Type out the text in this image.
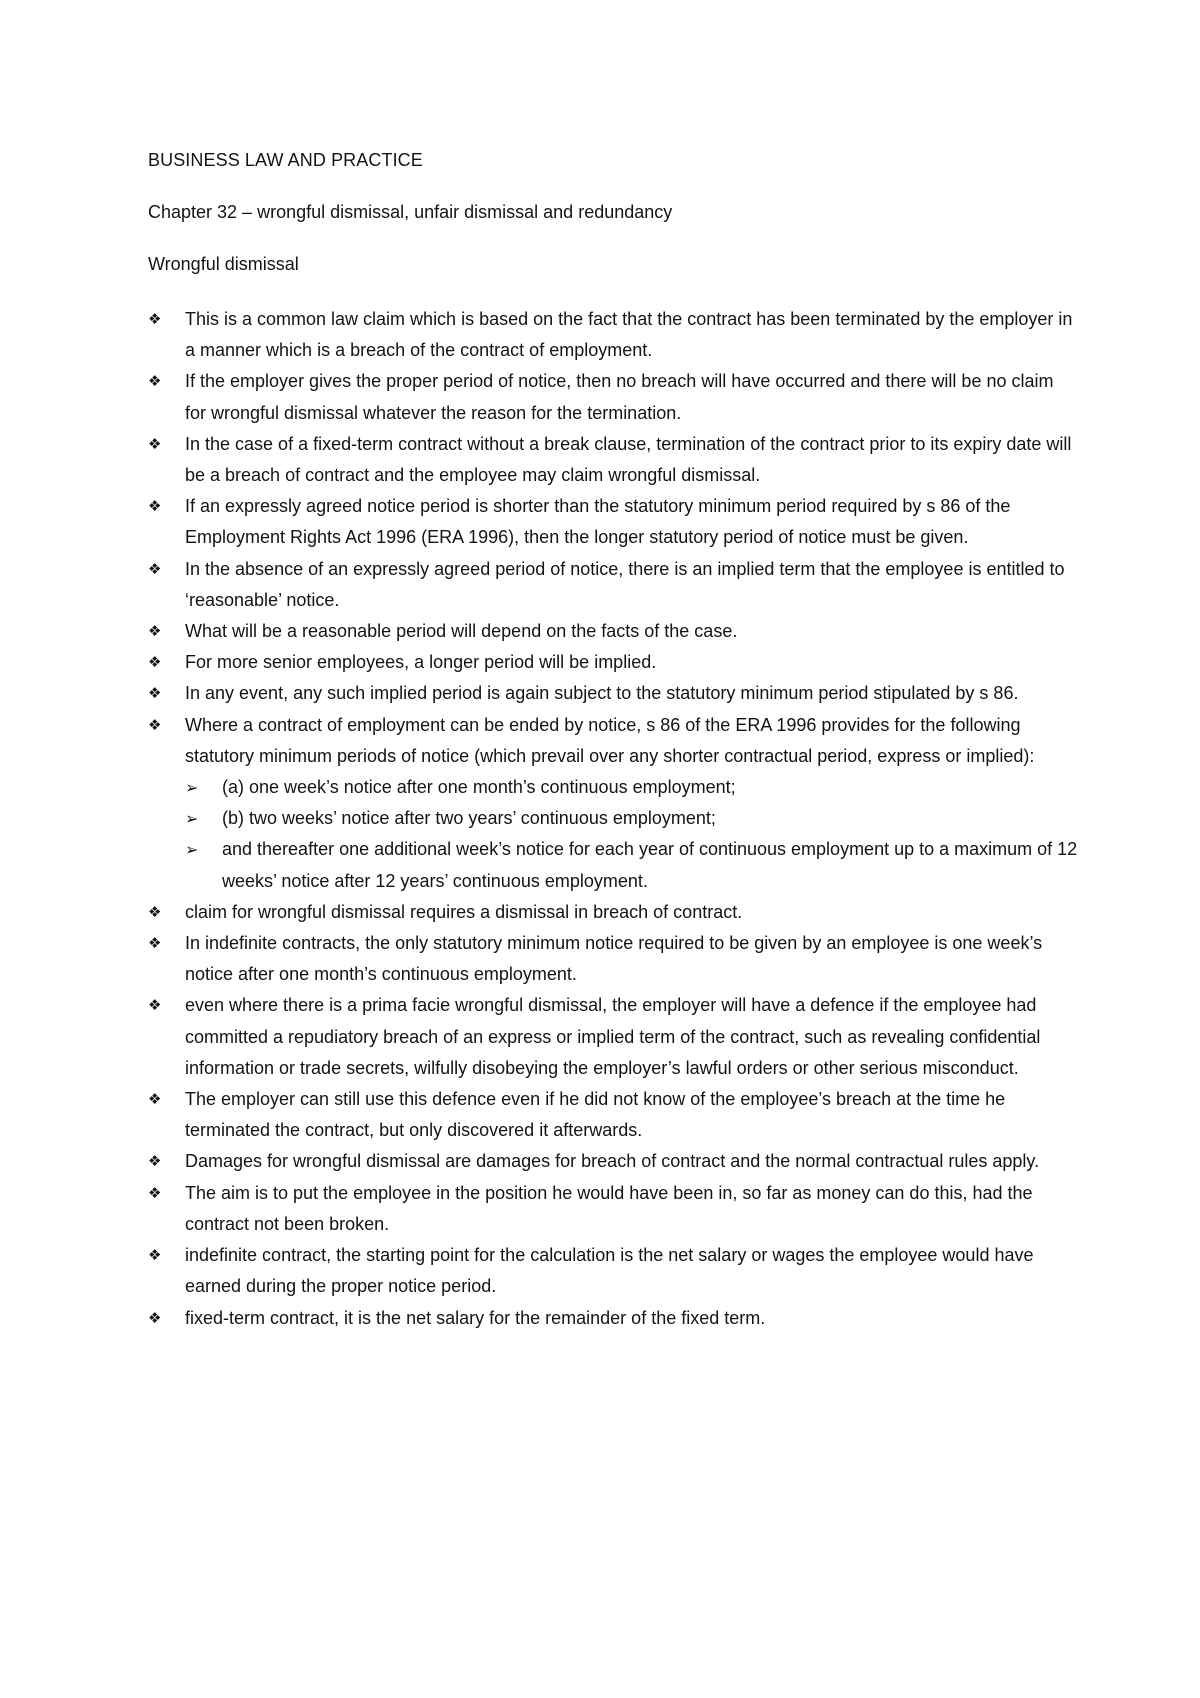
BUSINESS LAW AND PRACTICE
Chapter 32 – wrongful dismissal, unfair dismissal and redundancy
Wrongful dismissal
❖ This is a common law claim which is based on the fact that the contract has been terminated by the employer in a manner which is a breach of the contract of employment.
❖ If the employer gives the proper period of notice, then no breach will have occurred and there will be no claim for wrongful dismissal whatever the reason for the termination.
❖ In the case of a fixed-term contract without a break clause, termination of the contract prior to its expiry date will be a breach of contract and the employee may claim wrongful dismissal.
❖ If an expressly agreed notice period is shorter than the statutory minimum period required by s 86 of the Employment Rights Act 1996 (ERA 1996), then the longer statutory period of notice must be given.
❖ In the absence of an expressly agreed period of notice, there is an implied term that the employee is entitled to ‘reasonable’ notice.
❖ What will be a reasonable period will depend on the facts of the case.
❖ For more senior employees, a longer period will be implied.
❖ In any event, any such implied period is again subject to the statutory minimum period stipulated by s 86.
❖ Where a contract of employment can be ended by notice, s 86 of the ERA 1996 provides for the following statutory minimum periods of notice (which prevail over any shorter contractual period, express or implied):
➢ (a) one week’s notice after one month’s continuous employment;
➢ (b) two weeks’ notice after two years’ continuous employment;
➢ and thereafter one additional week’s notice for each year of continuous employment up to a maximum of 12 weeks’ notice after 12 years’ continuous employment.
❖ claim for wrongful dismissal requires a dismissal in breach of contract.
❖ In indefinite contracts, the only statutory minimum notice required to be given by an employee is one week’s notice after one month’s continuous employment.
❖ even where there is a prima facie wrongful dismissal, the employer will have a defence if the employee had committed a repudiatory breach of an express or implied term of the contract, such as revealing confidential information or trade secrets, wilfully disobeying the employer’s lawful orders or other serious misconduct.
❖ The employer can still use this defence even if he did not know of the employee’s breach at the time he terminated the contract, but only discovered it afterwards.
❖ Damages for wrongful dismissal are damages for breach of contract and the normal contractual rules apply.
❖ The aim is to put the employee in the position he would have been in, so far as money can do this, had the contract not been broken.
❖ indefinite contract, the starting point for the calculation is the net salary or wages the employee would have earned during the proper notice period.
❖ fixed-term contract, it is the net salary for the remainder of the fixed term.
